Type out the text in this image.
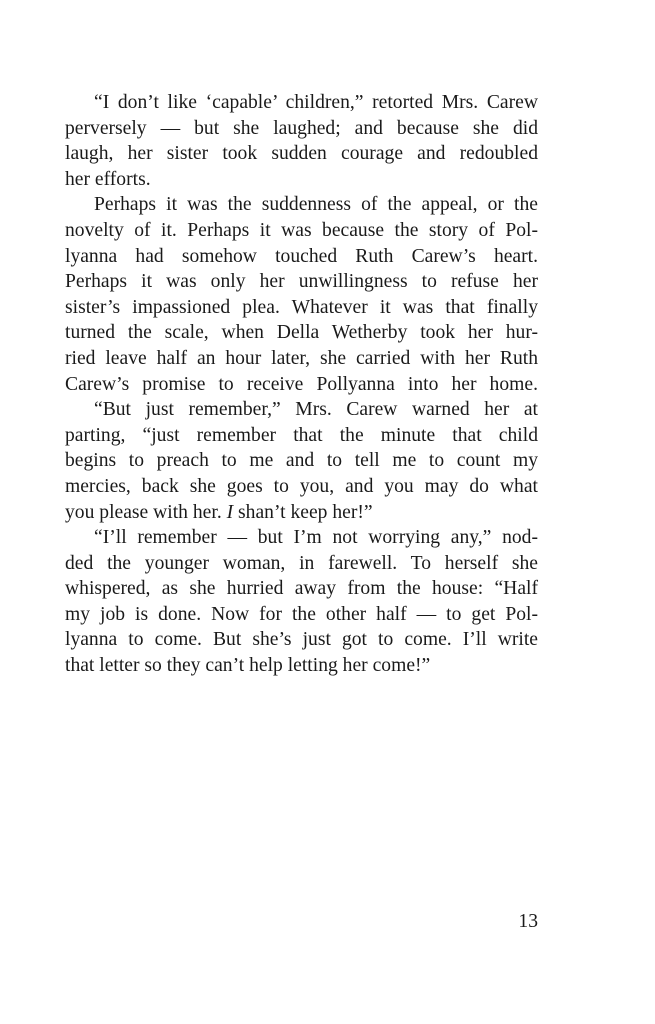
“I don’t like ‘capable’ children,” retorted Mrs. Carew
perversely — but she laughed; and because she did
laugh, her sister took sudden courage and redoubled
her efforts.
Perhaps it was the suddenness of the appeal, or the
novelty of it. Perhaps it was because the story of Pol-
lyanna had somehow touched Ruth Carew’s heart.
Perhaps it was only her unwillingness to refuse her
sister’s impassioned plea. Whatever it was that finally
turned the scale, when Della Wetherby took her hur-
ried leave half an hour later, she carried with her Ruth
Carew’s promise to receive Pollyanna into her home.
“But just remember,” Mrs. Carew warned her at
parting, “just remember that the minute that child
begins to preach to me and to tell me to count my
mercies, back she goes to you, and you may do what
you please with her. I shan’t keep her!”
“I’ll remember — but I’m not worrying any,” nod-
ded the younger woman, in farewell. To herself she
whispered, as she hurried away from the house: “Half
my job is done. Now for the other half — to get Pol-
lyanna to come. But she’s just got to come. I’ll write
that letter so they can’t help letting her come!”
13
